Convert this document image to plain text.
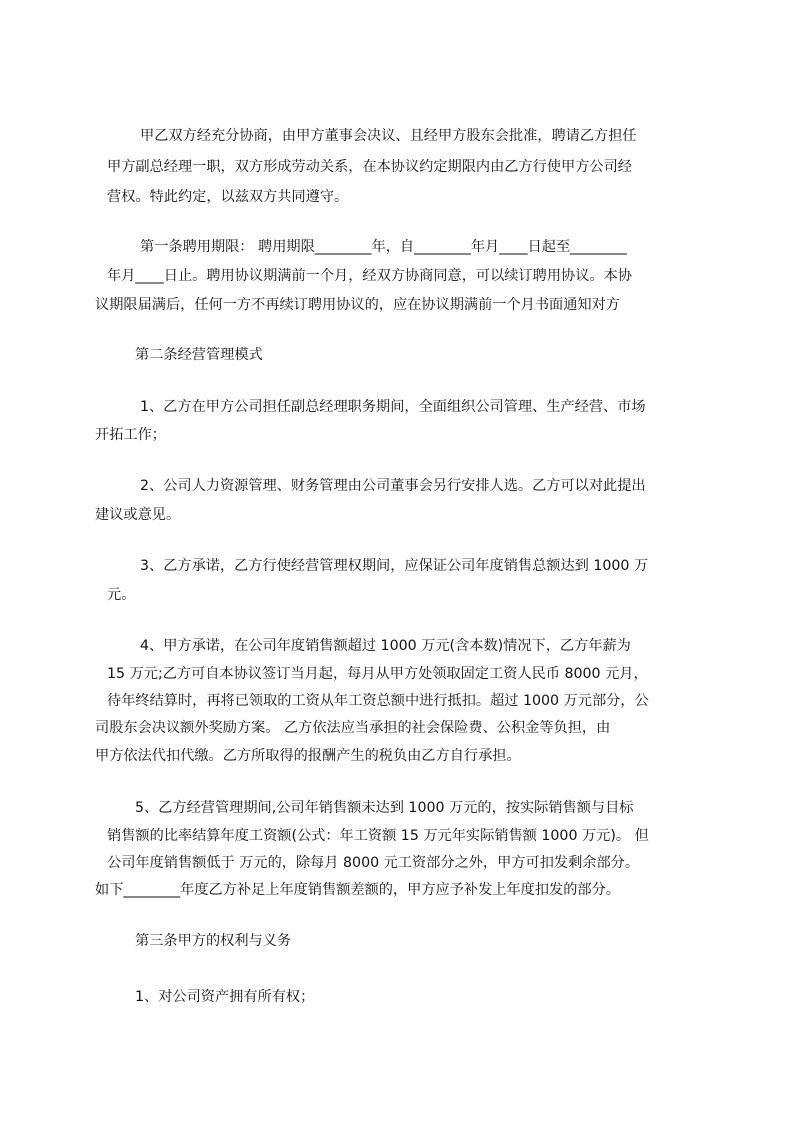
甲乙双方经充分协商，由甲方董事会决议、且经甲方股东会批准，聘请乙方担任
甲方副总经理一职，双方形成劳动关系，在本协议约定期限内由乙方行使甲方公司经
营权。特此约定，以兹双方共同遵守。
第一条聘用期限： 聘用期限________年，自________年月____日起至________
年月____日止。聘用协议期满前一个月，经双方协商同意，可以续订聘用协议。本协
议期限届满后，任何一方不再续订聘用协议的，应在协议期满前一个月书面通知对方
第二条经营管理模式
1、乙方在甲方公司担任副总经理职务期间，全面组织公司管理、生产经营、市场
开拓工作；
2、公司人力资源管理、财务管理由公司董事会另行安排人选。乙方可以对此提出
建议或意见。
3、乙方承诺，乙方行使经营管理权期间，应保证公司年度销售总额达到 1000 万
元。
4、甲方承诺，在公司年度销售额超过 1000 万元(含本数)情况下，乙方年薪为
15 万元;乙方可自本协议签订当月起，每月从甲方处领取固定工资人民币 8000 元月，
待年终结算时，再将已领取的工资从年工资总额中进行抵扣。超过 1000 万元部分，公
司股东会决议额外奖励方案。 乙方依法应当承担的社会保险费、公积金等负担，由
甲方依法代扣代缴。乙方所取得的报酬产生的税负由乙方自行承担。
5、乙方经营管理期间,公司年销售额未达到 1000 万元的，按实际销售额与目标
销售额的比率结算年度工资额(公式：年工资额 15 万元年实际销售额 1000 万元)。 但
公司年度销售额低于 万元的，除每月 8000 元工资部分之外，甲方可扣发剩余部分。
如下________年度乙方补足上年度销售额差额的，甲方应予补发上年度扣发的部分。
第三条甲方的权利与义务
1、对公司资产拥有所有权；
